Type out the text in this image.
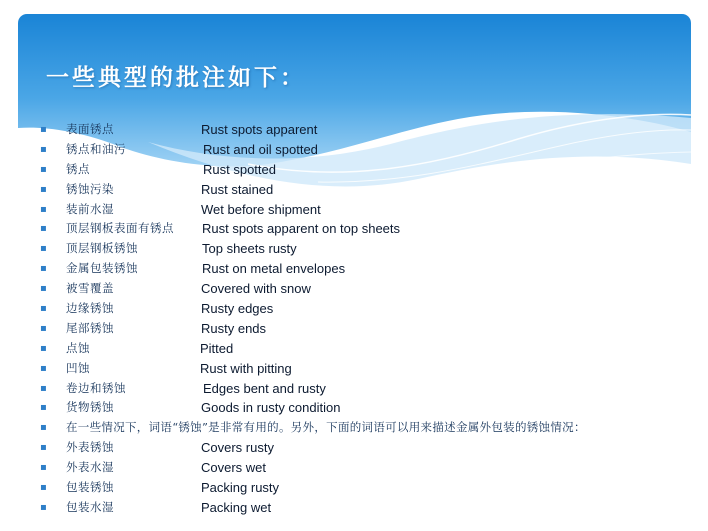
一些典型的批注如下：
▪ 表面锈点	Rust spots apparent
▪ 锈点和油污	Rust and oil spotted
▪ 锈点	Rust spotted
▪ 锈蚀污染	Rust stained
▪ 装前水湿	Wet before shipment
▪ 顶层钢板表面有锈点 Rust spots apparent on top sheets
▪ 顶层钢板锈蚀	Top sheets rusty
▪ 金属包装锈蚀	Rust on metal envelopes
▪ 被雪覆盖	Covered with snow
▪ 边缘锈蚀	Rusty edges
▪ 尾部锈蚀	Rusty ends
▪ 点蚀	Pitted
▪ 凹蚀	Rust with pitting
▪ 卷边和锈蚀	Edges bent and rusty
▪ 货物锈蚀	Goods in rusty condition
▪ 在一些情况下，词语“锈蚀”是非常有用的。另外，下面的词语可以用来描述金属外包装的锈蚀情况：
▪ 外表锈蚀	Covers rusty
▪ 外表水湿	Covers wet
▪ 包装锈蚀	Packing rusty
▪ 包装水湿	Packing wet
